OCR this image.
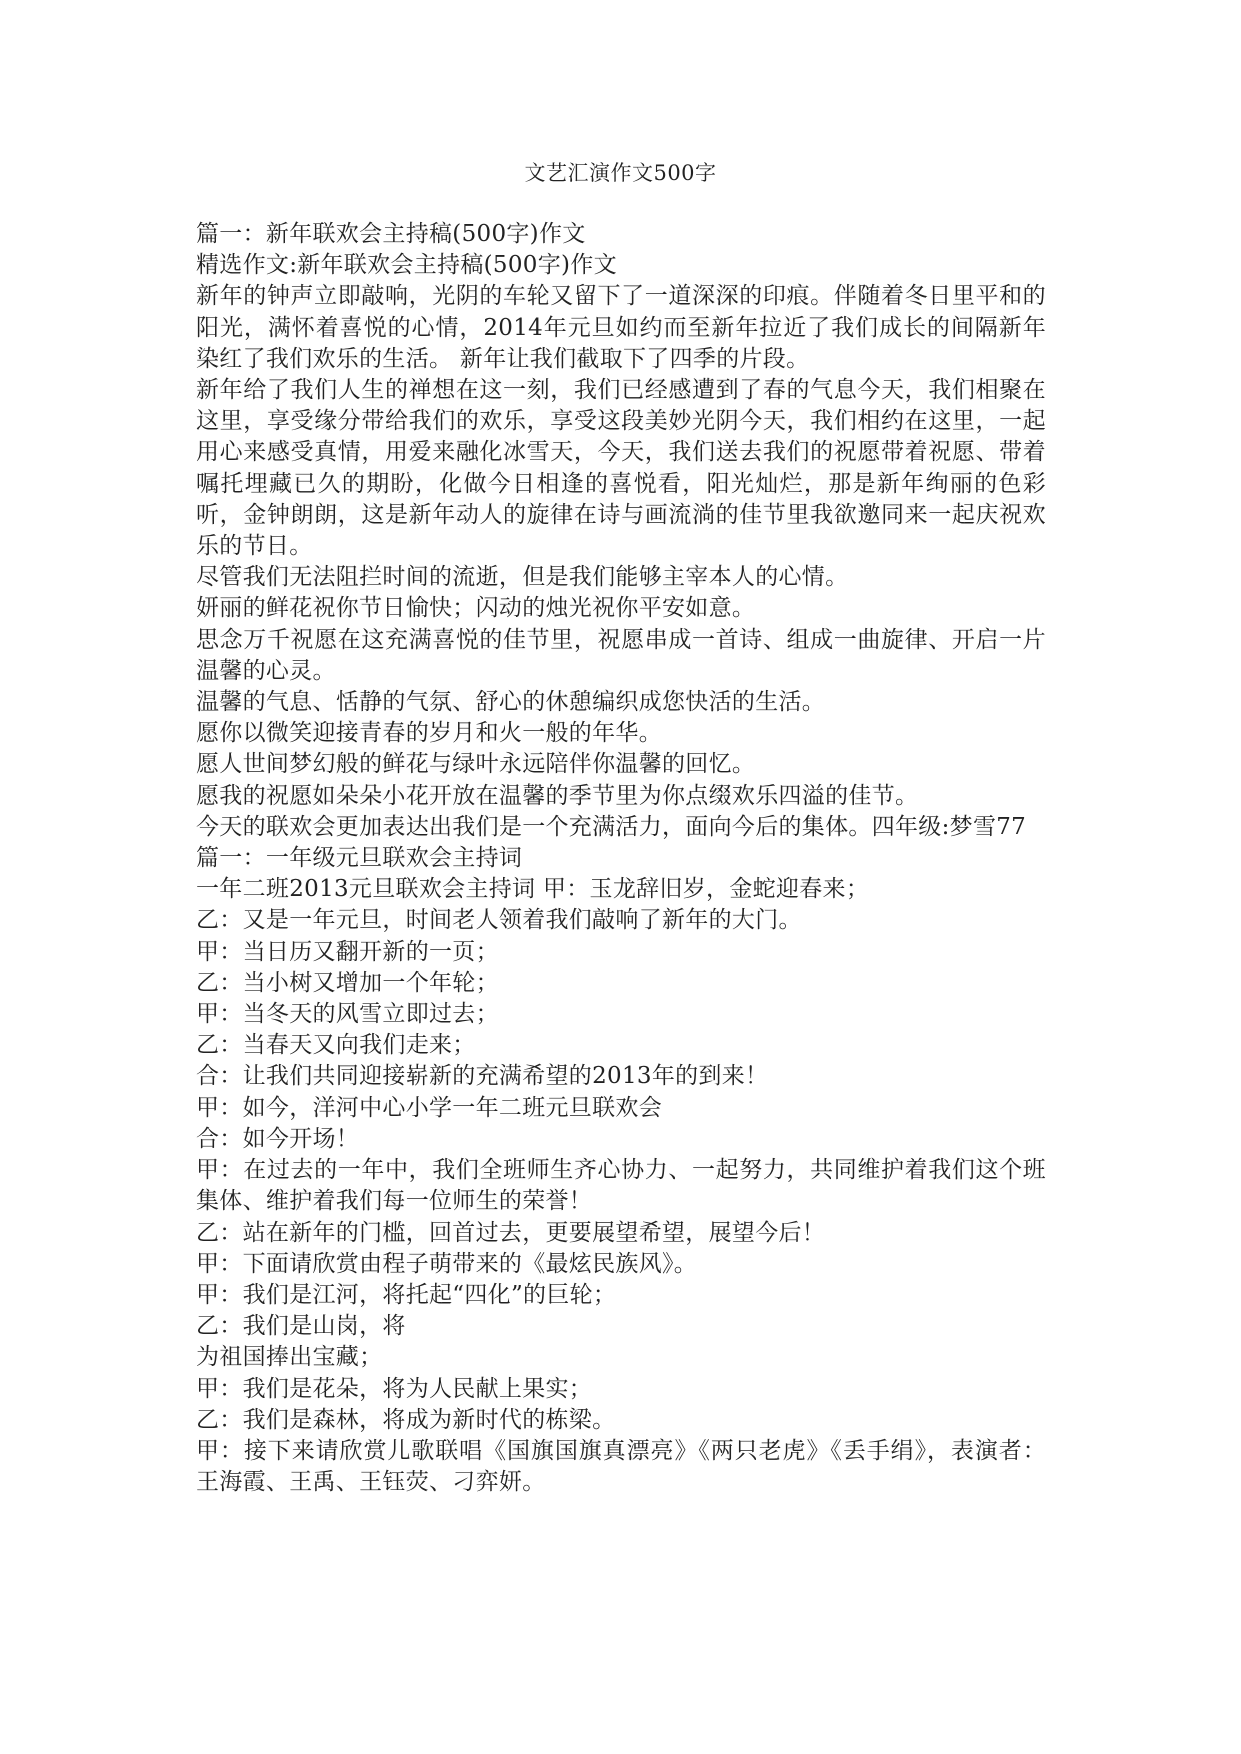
文艺汇演作文500字

篇一：新年联欢会主持稿(500字)作文

精选作文:新年联欢会主持稿(500字)作文

新年的钟声立即敲响，光阴的车轮又留下了一道深深的印痕。伴随着冬日里平和的阳光，满怀着喜悦的心情，2014年元旦如约而至新年拉近了我们成长的间隔新年染红了我们欢乐的生活。 新年让我们截取下了四季的片段。

新年给了我们人生的禅想在这一刻，我们已经感遭到了春的气息今天，我们相聚在这里，享受缘分带给我们的欢乐，享受这段美妙光阴今天，我们相约在这里，一起用心来感受真情，用爱来融化冰雪天，今天，我们送去我们的祝愿带着祝愿、带着嘱托埋藏已久的期盼，化做今日相逢的喜悦看，阳光灿烂，那是新年绚丽的色彩听，金钟朗朗，这是新年动人的旋律在诗与画流淌的佳节里我欲邀同来一起庆祝欢乐的节日。

尽管我们无法阻拦时间的流逝，但是我们能够主宰本人的心情。

妍丽的鲜花祝你节日愉快；闪动的烛光祝你平安如意。

思念万千祝愿在这充满喜悦的佳节里，祝愿串成一首诗、组成一曲旋律、开启一片温馨的心灵。

温馨的气息、恬静的气氛、舒心的休憩编织成您快活的生活。

愿你以微笑迎接青春的岁月和火一般的年华。

愿人世间梦幻般的鲜花与绿叶永远陪伴你温馨的回忆。

愿我的祝愿如朵朵小花开放在温馨的季节里为你点缀欢乐四溢的佳节。

今天的联欢会更加表达出我们是一个充满活力，面向今后的集体。四年级:梦雪77

篇一：一年级元旦联欢会主持词

一年二班2013元旦联欢会主持词 甲：玉龙辞旧岁，金蛇迎春来；

乙：又是一年元旦，时间老人领着我们敲响了新年的大门。

甲：当日历又翻开新的一页；

乙：当小树又增加一个年轮；

甲：当冬天的风雪立即过去；

乙：当春天又向我们走来；

合：让我们共同迎接崭新的充满希望的2013年的到来！

甲：如今，洋河中心小学一年二班元旦联欢会

合：如今开场！

甲：在过去的一年中，我们全班师生齐心协力、一起努力，共同维护着我们这个班集体、维护着我们每一位师生的荣誉！

乙：站在新年的门槛，回首过去，更要展望希望，展望今后！

甲：下面请欣赏由程子萌带来的《最炫民族风》。

甲：我们是江河，将托起“四化”的巨轮；

乙：我们是山岗，将

为祖国捧出宝藏；

甲：我们是花朵，将为人民献上果实；

乙：我们是森林，将成为新时代的栋梁。

甲：接下来请欣赏儿歌联唱《国旗国旗真漂亮》《两只老虎》《丢手绢》，表演者：王海霞、王禹、王钰荧、刁弈妍。
